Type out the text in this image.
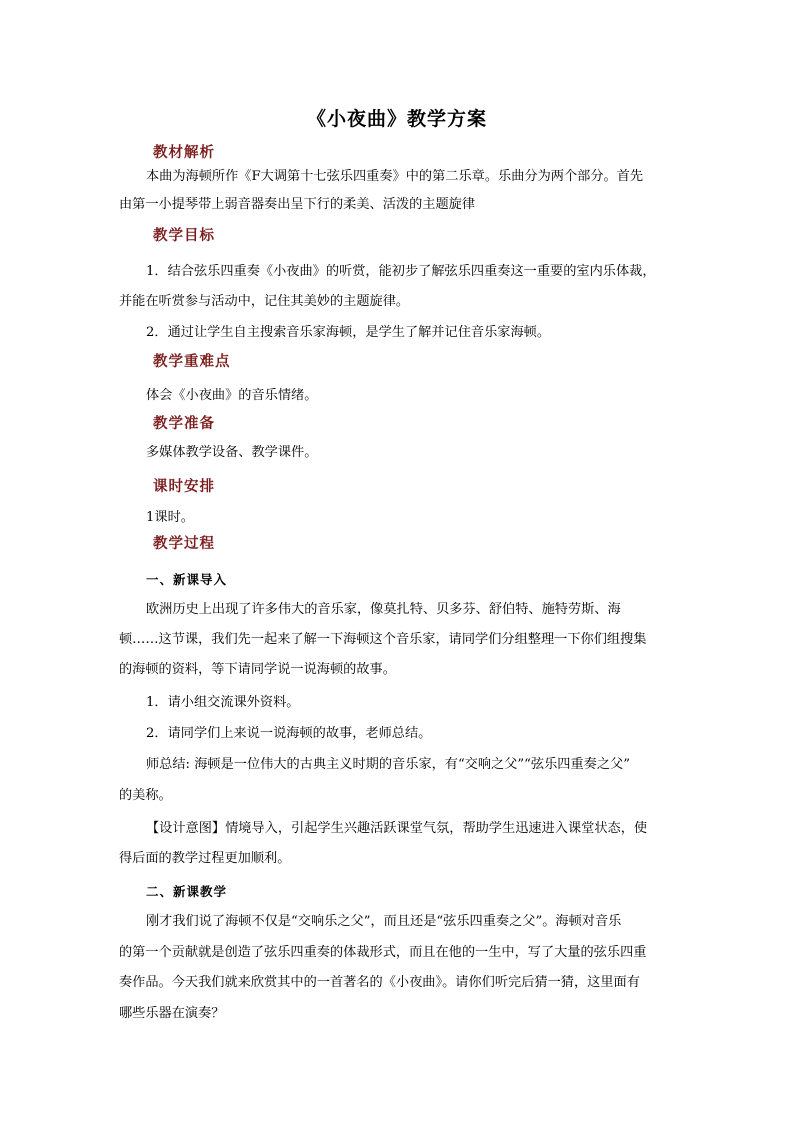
《小夜曲》教学方案
教材解析
本曲为海顿所作《F大调第十七弦乐四重奏》中的第二乐章。乐曲分为两个部分。首先
由第一小提琴带上弱音器奏出呈下行的柔美、活泼的主题旋律
教学目标
1．结合弦乐四重奏《小夜曲》的听赏，能初步了解弦乐四重奏这一重要的室内乐体裁，
并能在听赏参与活动中，记住其美妙的主题旋律。
2．通过让学生自主搜索音乐家海顿，是学生了解并记住音乐家海顿。
教学重难点
体会《小夜曲》的音乐情绪。
教学准备
多媒体教学设备、教学课件。
课时安排
1课时。
教学过程
一、新课导入
欧洲历史上出现了许多伟大的音乐家，像莫扎特、贝多芬、舒伯特、施特劳斯、海
顿……这节课，我们先一起来了解一下海顿这个音乐家，请同学们分组整理一下你们组搜集
的海顿的资料，等下请同学说一说海顿的故事。
1．请小组交流课外资料。
2．请同学们上来说一说海顿的故事，老师总结。
师总结: 海顿是一位伟大的古典主义时期的音乐家，有“交响之父”“弦乐四重奏之父”
的美称。
【设计意图】情境导入，引起学生兴趣活跃课堂气氛，帮助学生迅速进入课堂状态，使
得后面的教学过程更加顺利。
二、新课教学
刚才我们说了海顿不仅是“交响乐之父”，而且还是“弦乐四重奏之父”。海顿对音乐
的第一个贡献就是创造了弦乐四重奏的体裁形式，而且在他的一生中，写了大量的弦乐四重
奏作品。今天我们就来欣赏其中的一首著名的《小夜曲》。请你们听完后猜一猜，这里面有
哪些乐器在演奏？
